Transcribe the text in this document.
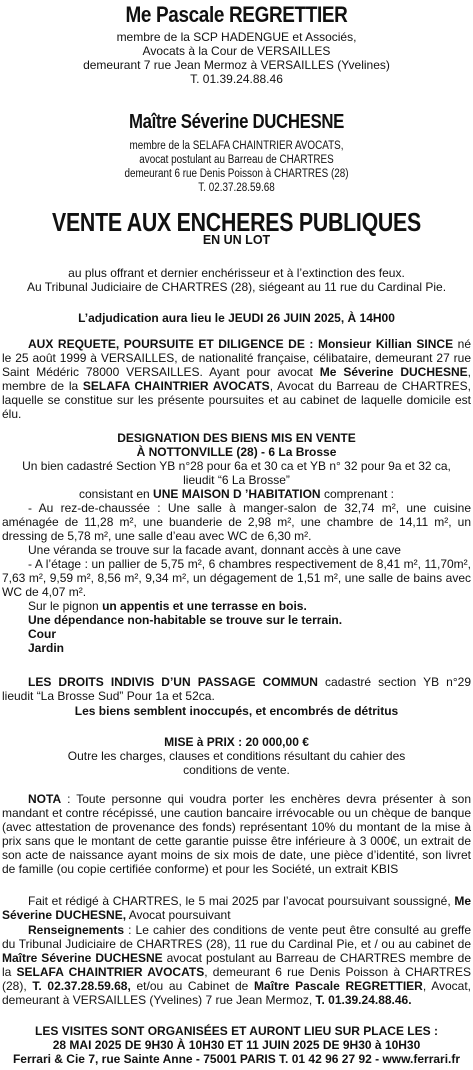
Me Pascale REGRETTIER
membre de la SCP HADENGUE et Associés,
Avocats à la Cour de VERSAILLES
demeurant 7 rue Jean Mermoz à VERSAILLES (Yvelines)
T. 01.39.24.88.46
Maître Séverine DUCHESNE
membre de la SELAFA CHAINTRIER AVOCATS,
avocat postulant au Barreau de CHARTRES
demeurant 6 rue Denis Poisson à CHARTRES (28)
T. 02.37.28.59.68
VENTE AUX ENCHERES PUBLIQUES
EN UN LOT
au plus offrant et dernier enchérisseur et à l’extinction des feux.
Au Tribunal Judiciaire de CHARTRES (28), siégeant au 11 rue du Cardinal Pie.
L’adjudication aura lieu le JEUDI 26 JUIN 2025, À 14H00
AUX REQUETE, POURSUITE ET DILIGENCE DE : Monsieur Killian SINCE né le 25 août 1999 à VERSAILLES, de nationalité française, célibataire, demeurant 27 rue Saint Médéric 78000 VERSAILLES. Ayant pour avocat Me Séverine DUCHESNE, membre de la SELAFA CHAINTRIER AVOCATS, Avocat du Barreau de CHARTRES, laquelle se constitue sur les présente poursuites et au cabinet de laquelle domicile est élu.
DESIGNATION DES BIENS MIS EN VENTE
À NOTTONVILLE (28) - 6 La Brosse
Un bien cadastré Section YB n°28 pour 6a et 30 ca et YB n° 32 pour 9a et 32 ca,
lieudit “6 La Brosse”
consistant en UNE MAISON D ’HABITATION comprenant :

- Au rez-de-chaussée : Une salle à manger-salon de 32,74 m², une cuisine aménagée de 11,28 m², une buanderie de 2,98 m², une chambre de 14,11 m², un dressing de 5,78 m², une salle d’eau avec WC de 6,30 m².

Une véranda se trouve sur la facade avant, donnant accès à une cave

- A l’étage : un pallier de 5,75 m², 6 chambres respectivement de 8,41 m², 11,70m², 7,63 m², 9,59 m², 8,56 m², 9,34 m², un dégagement de 1,51 m², une salle de bains avec WC de 4,07 m².

Sur le pignon un appentis et une terrasse en bois.

Une dépendance non-habitable se trouve sur le terrain.

Cour

Jardin

LES DROITS INDIVIS D’UN PASSAGE COMMUN cadastré section YB n°29 lieudit “La Brosse Sud” Pour 1a et 52ca.
Les biens semblent inoccupés, et encombrés de détritus
MISE à PRIX : 20 000,00 €
Outre les charges, clauses et conditions résultant du cahier des conditions de vente.
NOTA : Toute personne qui voudra porter les enchères devra présenter à son mandant et contre récépissé, une caution bancaire irrévocable ou un chèque de banque (avec attestation de provenance des fonds) représentant 10% du montant de la mise à prix sans que le montant de cette garantie puisse être inférieure à 3 000€, un extrait de son acte de naissance ayant moins de six mois de date, une pièce d’identité, son livret de famille (ou copie certifiée conforme) et pour les Société, un extrait KBIS
Fait et rédigé à CHARTRES, le 5 mai 2025 par l’avocat poursuivant soussigné, Me Séverine DUCHESNE, Avocat poursuivant
Renseignements : Le cahier des conditions de vente peut être consulté au greffe du Tribunal Judiciaire de CHARTRES (28), 11 rue du Cardinal Pie, et / ou au cabinet de Maître Séverine DUCHESNE avocat postulant au Barreau de CHARTRES membre de la SELAFA CHAINTRIER AVOCATS, demeurant 6 rue Denis Poisson à CHARTRES (28), T. 02.37.28.59.68, et/ou au Cabinet de Maître Pascale REGRETTIER, Avocat, demeurant à VERSAILLES (Yvelines) 7 rue Jean Mermoz, T. 01.39.24.88.46.
LES VISITES SONT ORGANISÉES ET AURONT LIEU SUR PLACE LES :
28 MAI 2025 DE 9H30 À 10H30 ET 11 JUIN 2025 DE 9H30 à 10H30
Ferrari & Cie 7, rue Sainte Anne - 75001 PARIS T. 01 42 96 27 92 - www.ferrari.fr
